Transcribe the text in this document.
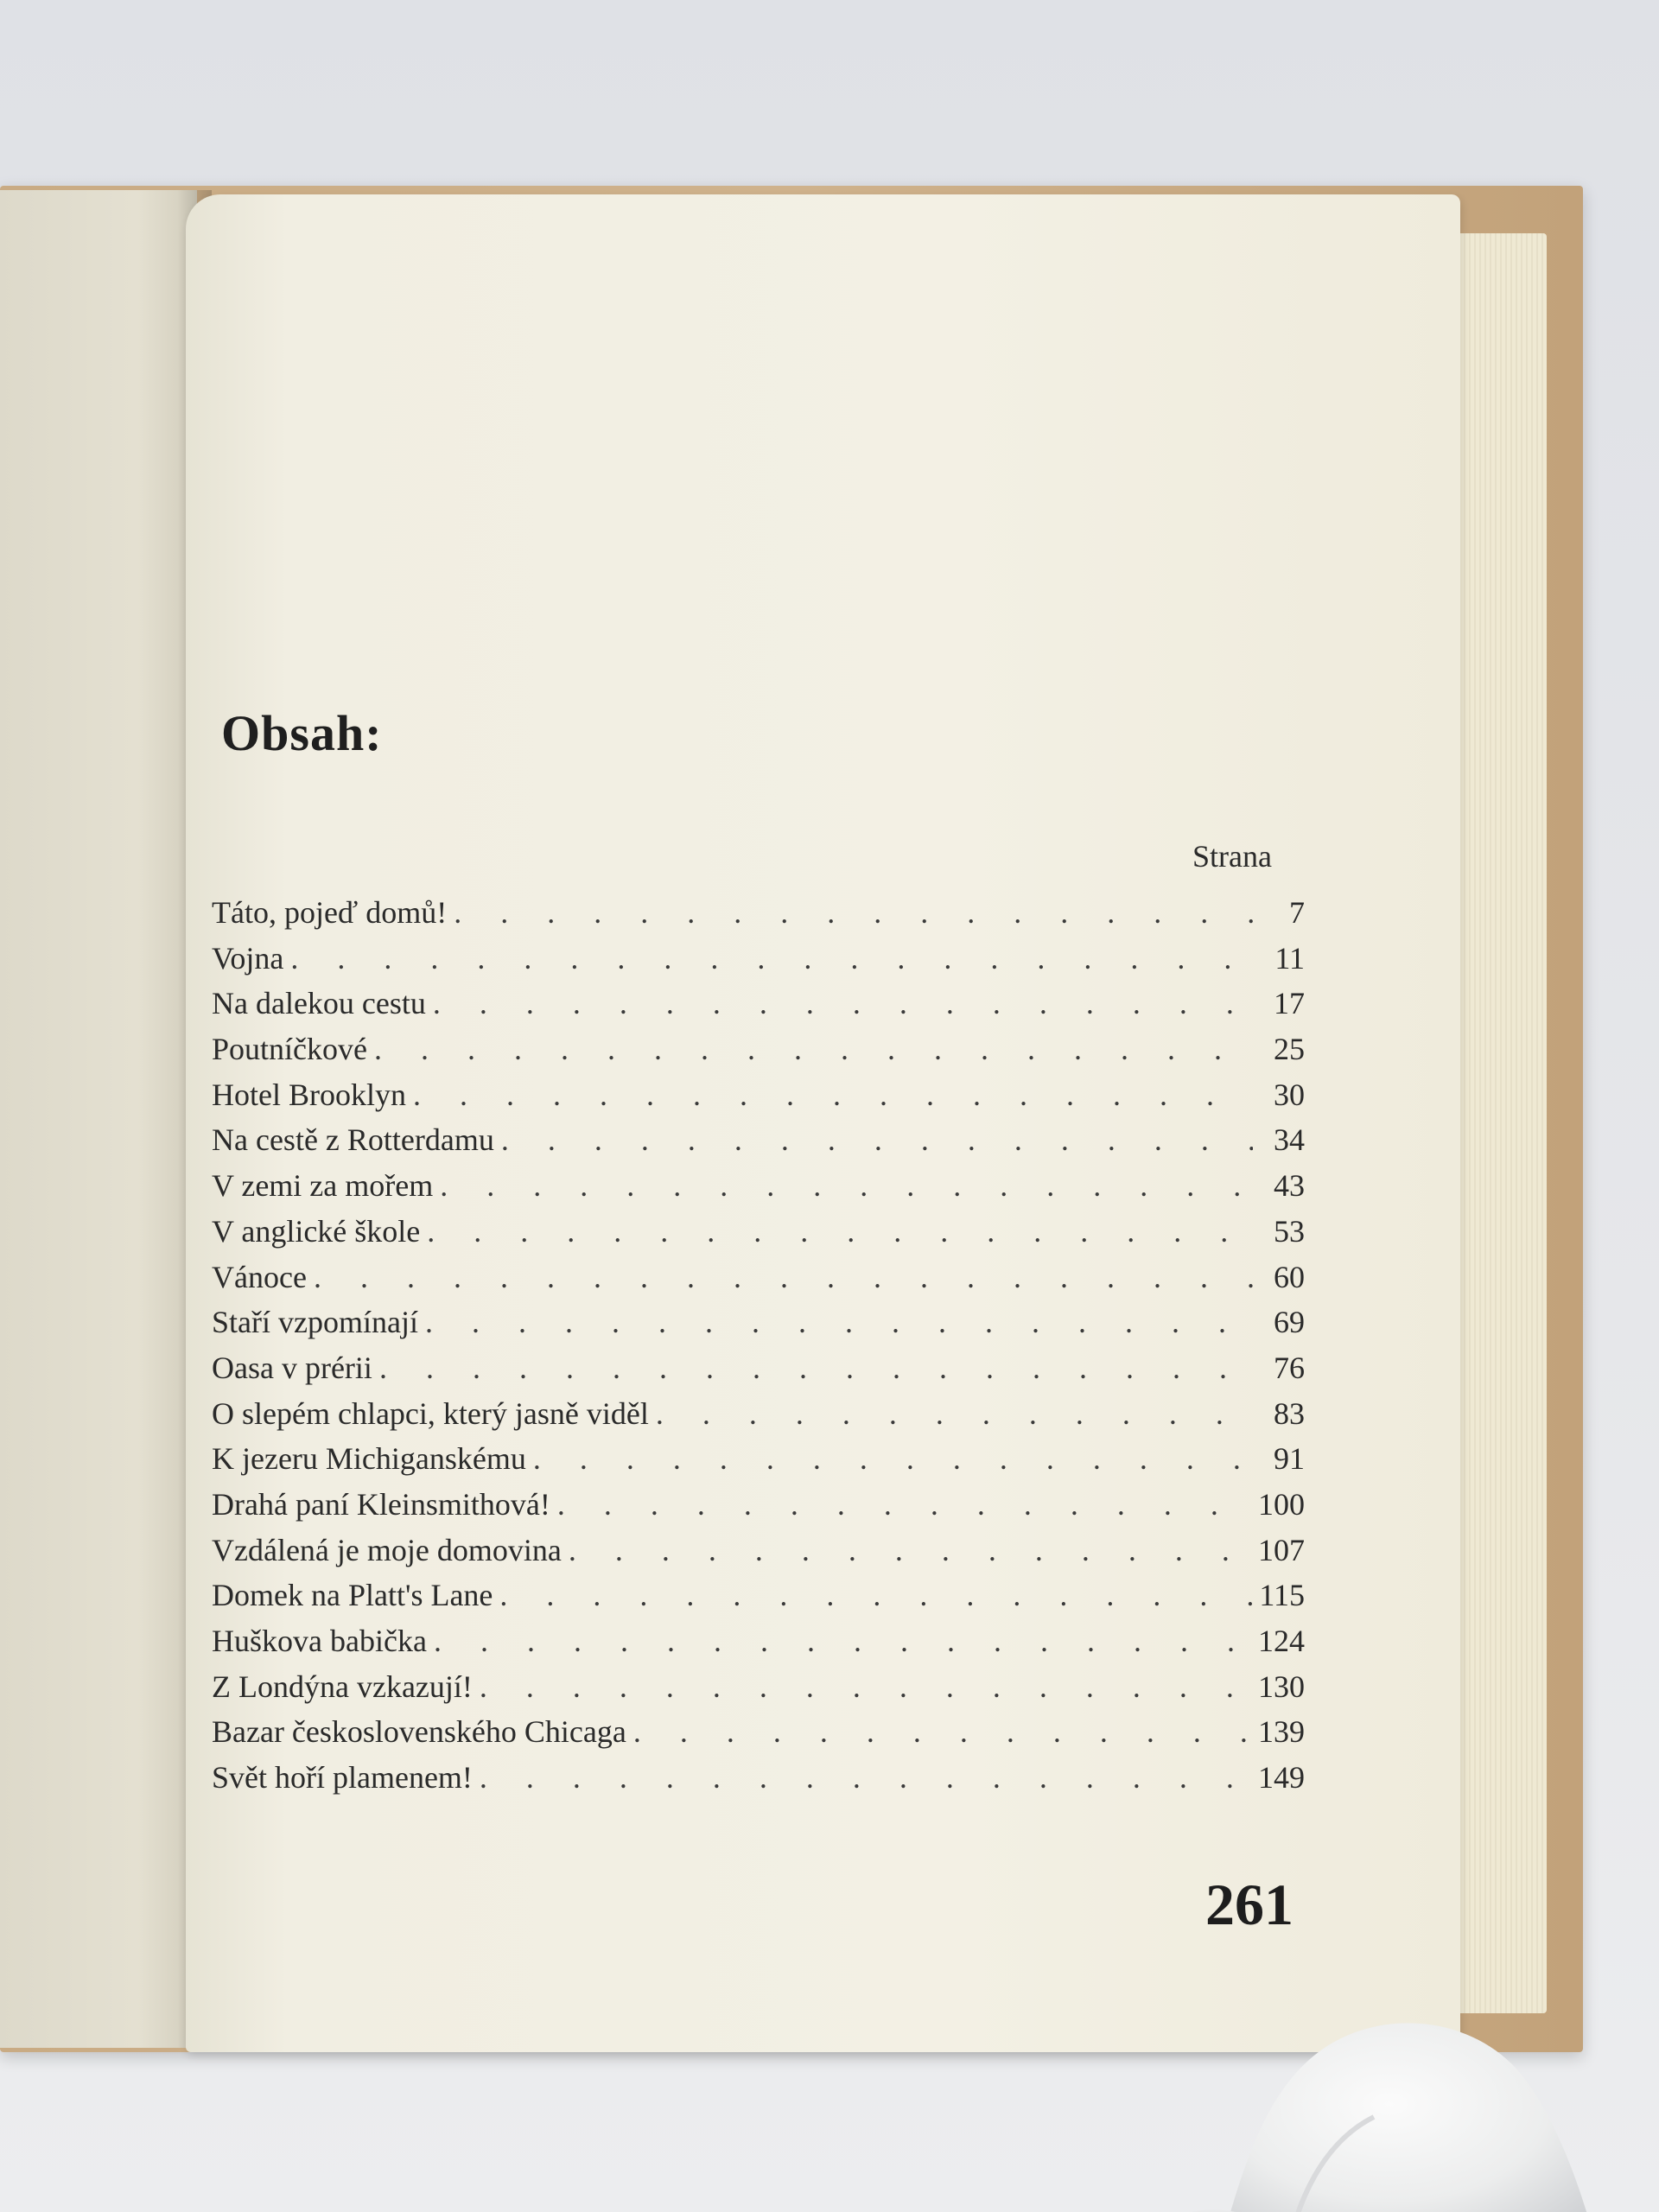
Obsah:
Strana
Táto, pojeď domů! . . .	7
Vojna . . .	11
Na dalekou cestu . . .	17
Poutníčkové . . .	25
Hotel Brooklyn . . .	30
Na cestě z Rotterdamu . . .	34
V zemi za mořem . . .	43
V anglické škole . . .	53
Vánoce . . .	60
Staří vzpomínají . . .	69
Oasa v prérii . . .	76
O slepém chlapci, který jasně viděl . . .	83
K jezeru Michiganskému . . .	91
Drahá paní Kleinsmithová! . . .	100
Vzdálená je moje domovina . . .	107
Domek na Platt's Lane . . .	115
Huškova babička . . .	124
Z Londýna vzkazují! . . .	130
Bazar československého Chicaga . . .	139
Svět hoří plamenem! . . .	149
261
